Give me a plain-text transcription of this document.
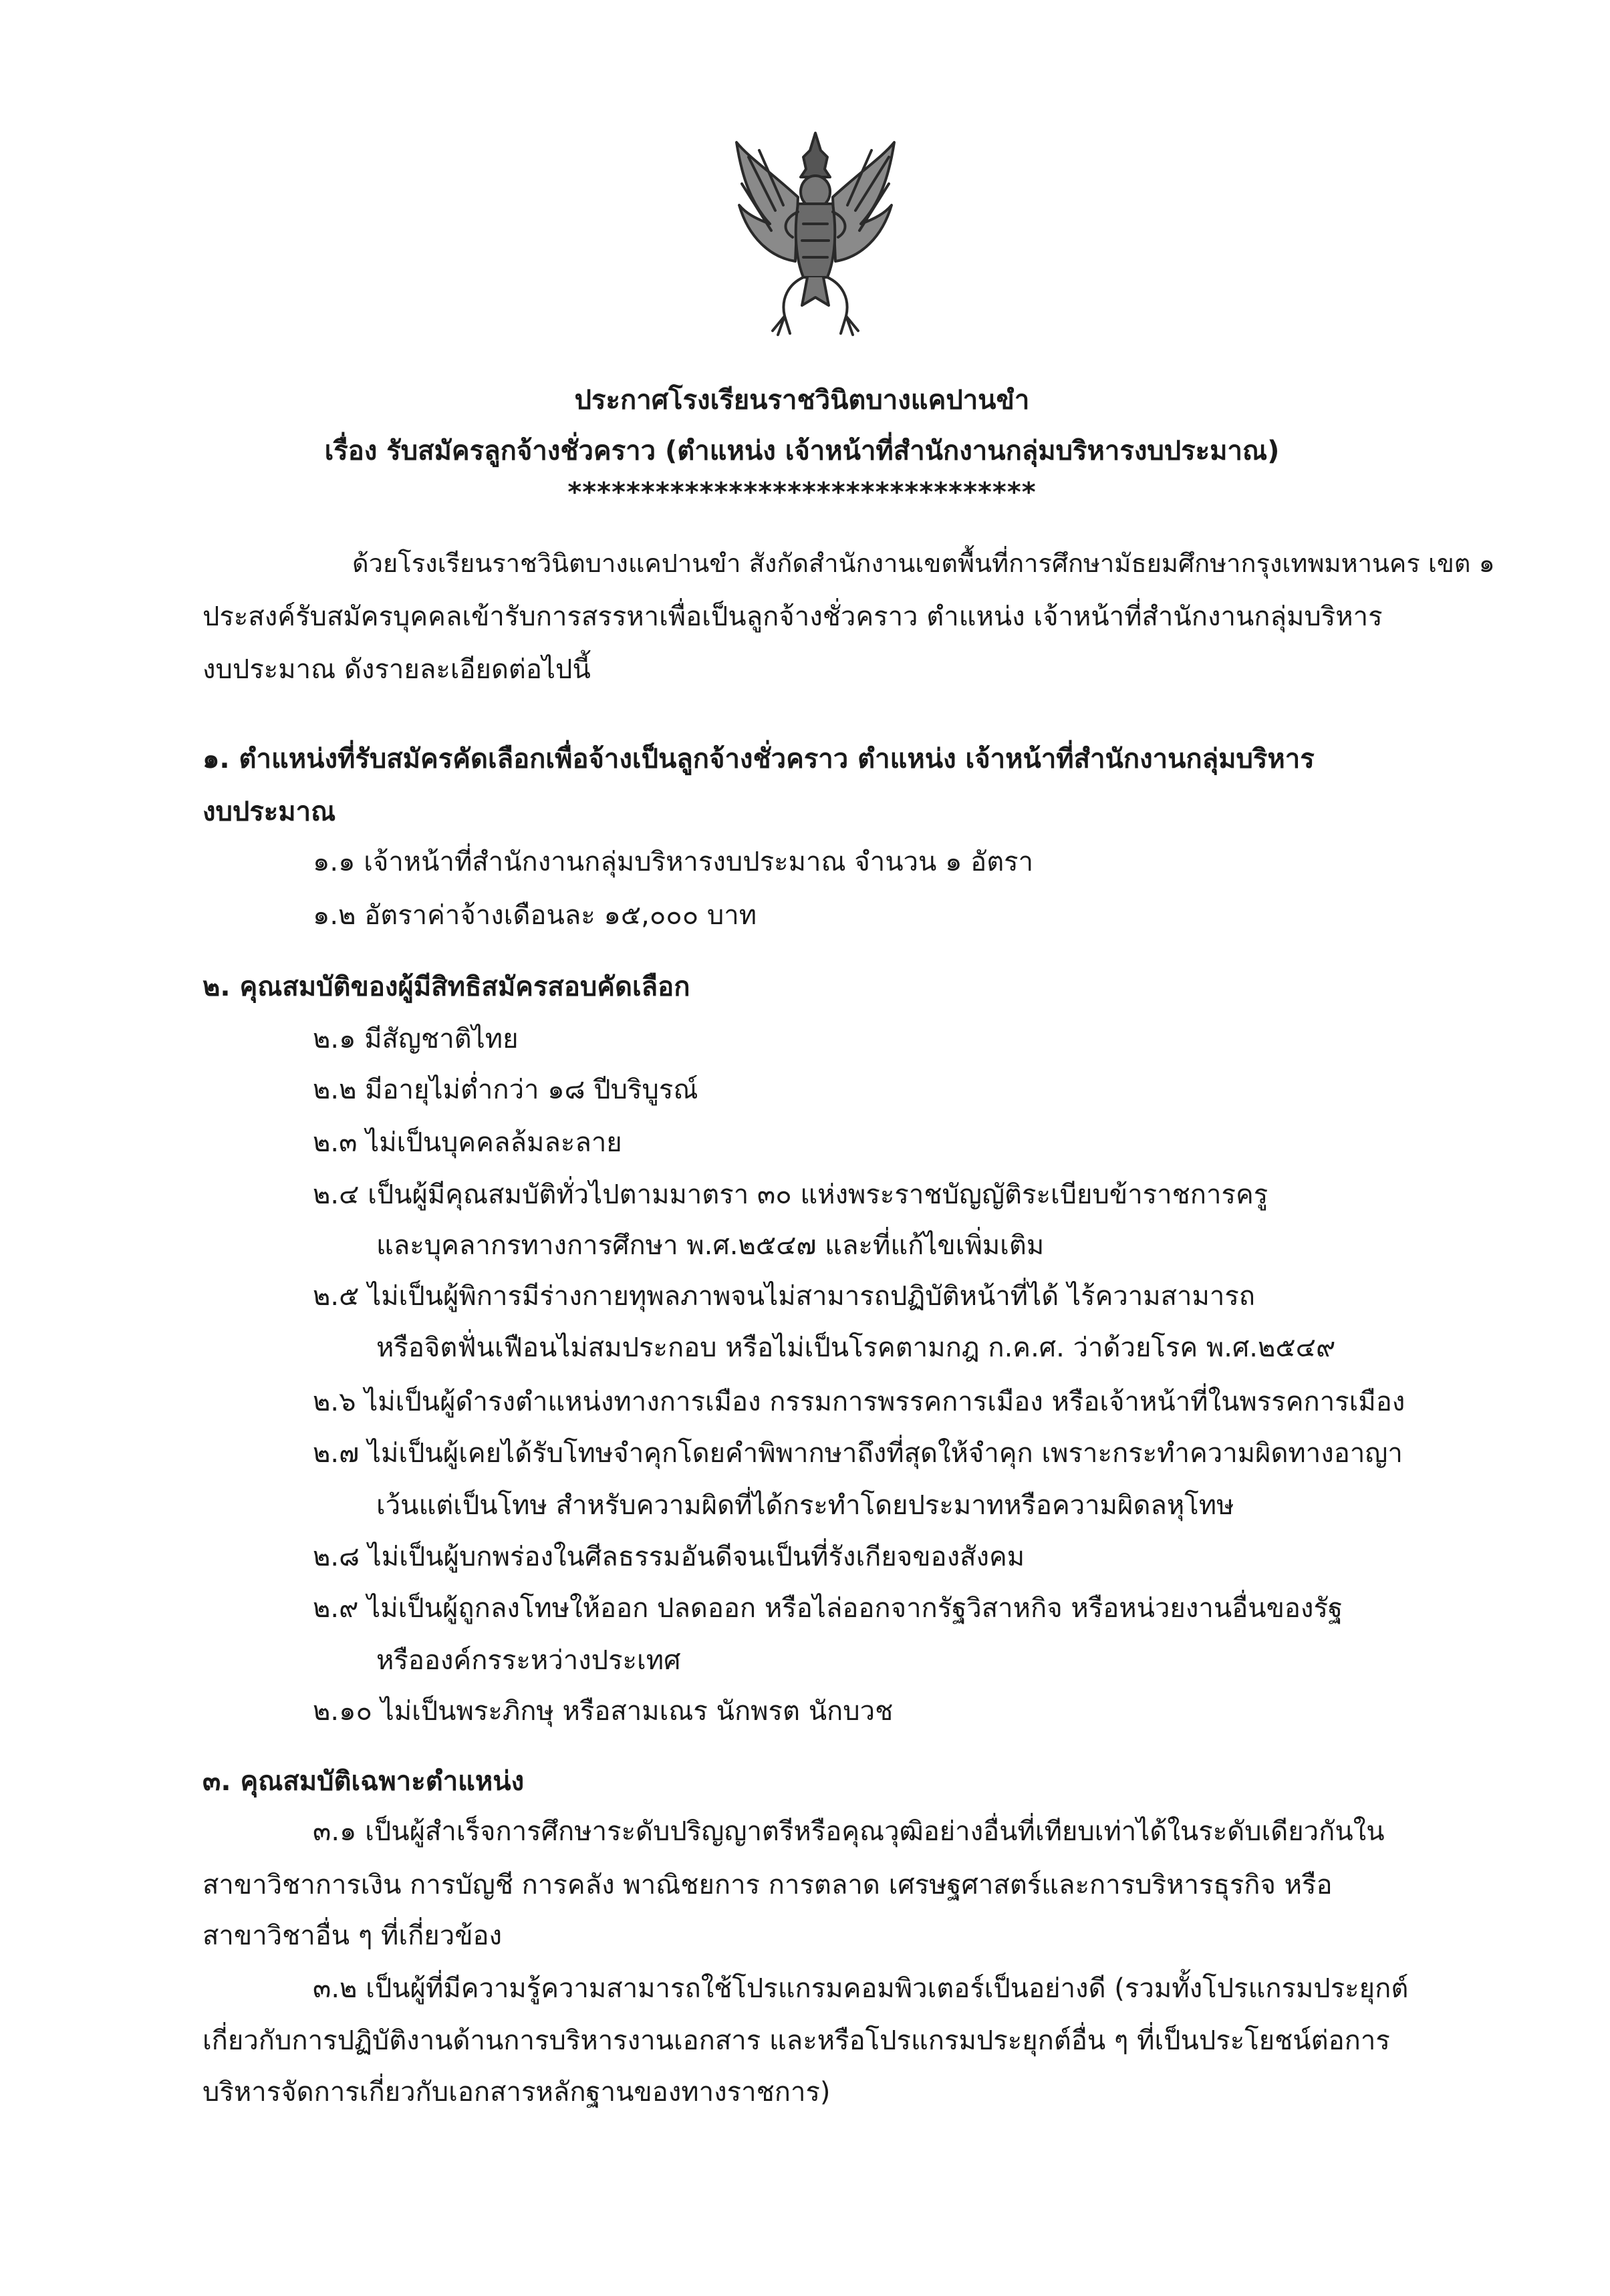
ประกาศโรงเรียนราชวินิตบางแคปานขำ
เรื่อง รับสมัครลูกจ้างชั่วคราว (ตำแหน่ง เจ้าหน้าที่สำนักงานกลุ่มบริหารงบประมาณ)
********************************
ด้วยโรงเรียนราชวินิตบางแคปานขำ สังกัดสำนักงานเขตพื้นที่การศึกษามัธยมศึกษากรุงเทพมหานคร เขต ๑
ประสงค์รับสมัครบุคคลเข้ารับการสรรหาเพื่อเป็นลูกจ้างชั่วคราว ตำแหน่ง เจ้าหน้าที่สำนักงานกลุ่มบริหาร
งบประมาณ ดังรายละเอียดต่อไปนี้
๑. ตำแหน่งที่รับสมัครคัดเลือกเพื่อจ้างเป็นลูกจ้างชั่วคราว ตำแหน่ง เจ้าหน้าที่สำนักงานกลุ่มบริหาร
งบประมาณ
๑.๑ เจ้าหน้าที่สำนักงานกลุ่มบริหารงบประมาณ จำนวน ๑ อัตรา
๑.๒ อัตราค่าจ้างเดือนละ ๑๕,๐๐๐ บาท
๒. คุณสมบัติของผู้มีสิทธิสมัครสอบคัดเลือก
๒.๑ มีสัญชาติไทย
๒.๒ มีอายุไม่ต่ำกว่า ๑๘ ปีบริบูรณ์
๒.๓ ไม่เป็นบุคคลล้มละลาย
๒.๔ เป็นผู้มีคุณสมบัติทั่วไปตามมาตรา ๓๐ แห่งพระราชบัญญัติระเบียบข้าราชการครู
และบุคลากรทางการศึกษา พ.ศ.๒๕๔๗ และที่แก้ไขเพิ่มเติม
๒.๕ ไม่เป็นผู้พิการมีร่างกายทุพลภาพจนไม่สามารถปฏิบัติหน้าที่ได้ ไร้ความสามารถ
หรือจิตฟั่นเฟือนไม่สมประกอบ หรือไม่เป็นโรคตามกฎ ก.ค.ศ. ว่าด้วยโรค พ.ศ.๒๕๔๙
๒.๖ ไม่เป็นผู้ดำรงตำแหน่งทางการเมือง กรรมการพรรคการเมือง หรือเจ้าหน้าที่ในพรรคการเมือง
๒.๗ ไม่เป็นผู้เคยได้รับโทษจำคุกโดยคำพิพากษาถึงที่สุดให้จำคุก เพราะกระทำความผิดทางอาญา
เว้นแต่เป็นโทษ สำหรับความผิดที่ได้กระทำโดยประมาทหรือความผิดลหุโทษ
๒.๘ ไม่เป็นผู้บกพร่องในศีลธรรมอันดีจนเป็นที่รังเกียจของสังคม
๒.๙ ไม่เป็นผู้ถูกลงโทษให้ออก ปลดออก หรือไล่ออกจากรัฐวิสาหกิจ หรือหน่วยงานอื่นของรัฐ
หรือองค์กรระหว่างประเทศ
๒.๑๐ ไม่เป็นพระภิกษุ หรือสามเณร นักพรต นักบวช
๓. คุณสมบัติเฉพาะตำแหน่ง
๓.๑ เป็นผู้สำเร็จการศึกษาระดับปริญญาตรีหรือคุณวุฒิอย่างอื่นที่เทียบเท่าได้ในระดับเดียวกันใน
สาขาวิชาการเงิน การบัญชี การคลัง พาณิชยการ การตลาด เศรษฐศาสตร์และการบริหารธุรกิจ หรือ
สาขาวิชาอื่น ๆ ที่เกี่ยวข้อง
๓.๒ เป็นผู้ที่มีความรู้ความสามารถใช้โปรแกรมคอมพิวเตอร์เป็นอย่างดี (รวมทั้งโปรแกรมประยุกต์
เกี่ยวกับการปฏิบัติงานด้านการบริหารงานเอกสาร และหรือโปรแกรมประยุกต์อื่น ๆ ที่เป็นประโยชน์ต่อการ
บริหารจัดการเกี่ยวกับเอกสารหลักฐานของทางราชการ)
